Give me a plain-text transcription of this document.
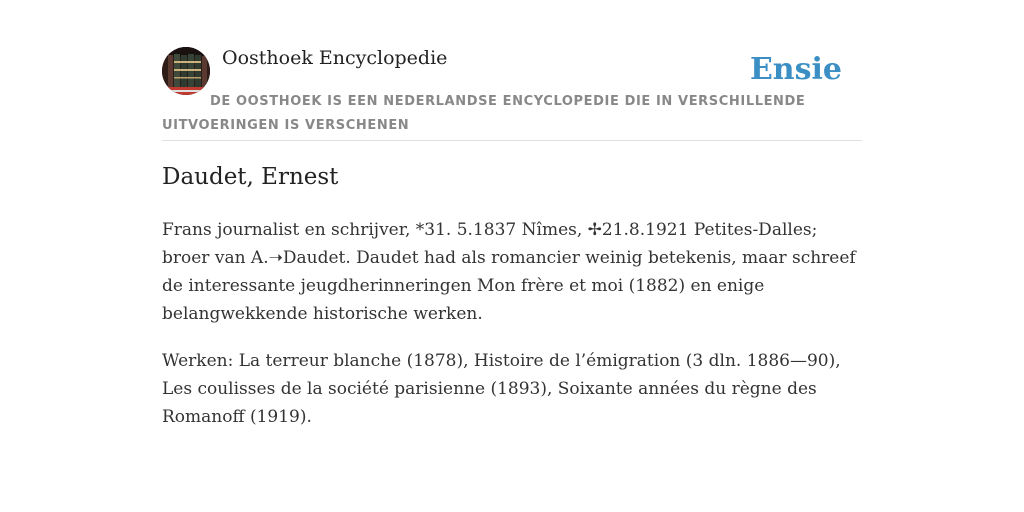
Oosthoek Encyclopedie	Ensie
DE OOSTHOEK IS EEN NEDERLANDSE ENCYCLOPEDIE DIE IN VERSCHILLENDE UITVOERINGEN IS VERSCHENEN
Daudet, Ernest

Frans journalist en schrijver, *31. 5.1837 Nîmes, ✢21.8.1921 Petites-Dalles; broer van A.➝Daudet. Daudet had als romancier weinig betekenis, maar schreef de interessante jeugdherinneringen Mon frère et moi (1882) en enige belangwekkende historische werken.

Werken: La terreur blanche (1878), Histoire de l’émigration (3 dln. 1886—90), Les coulisses de la société parisienne (1893), Soixante années du règne des Romanoff (1919).
